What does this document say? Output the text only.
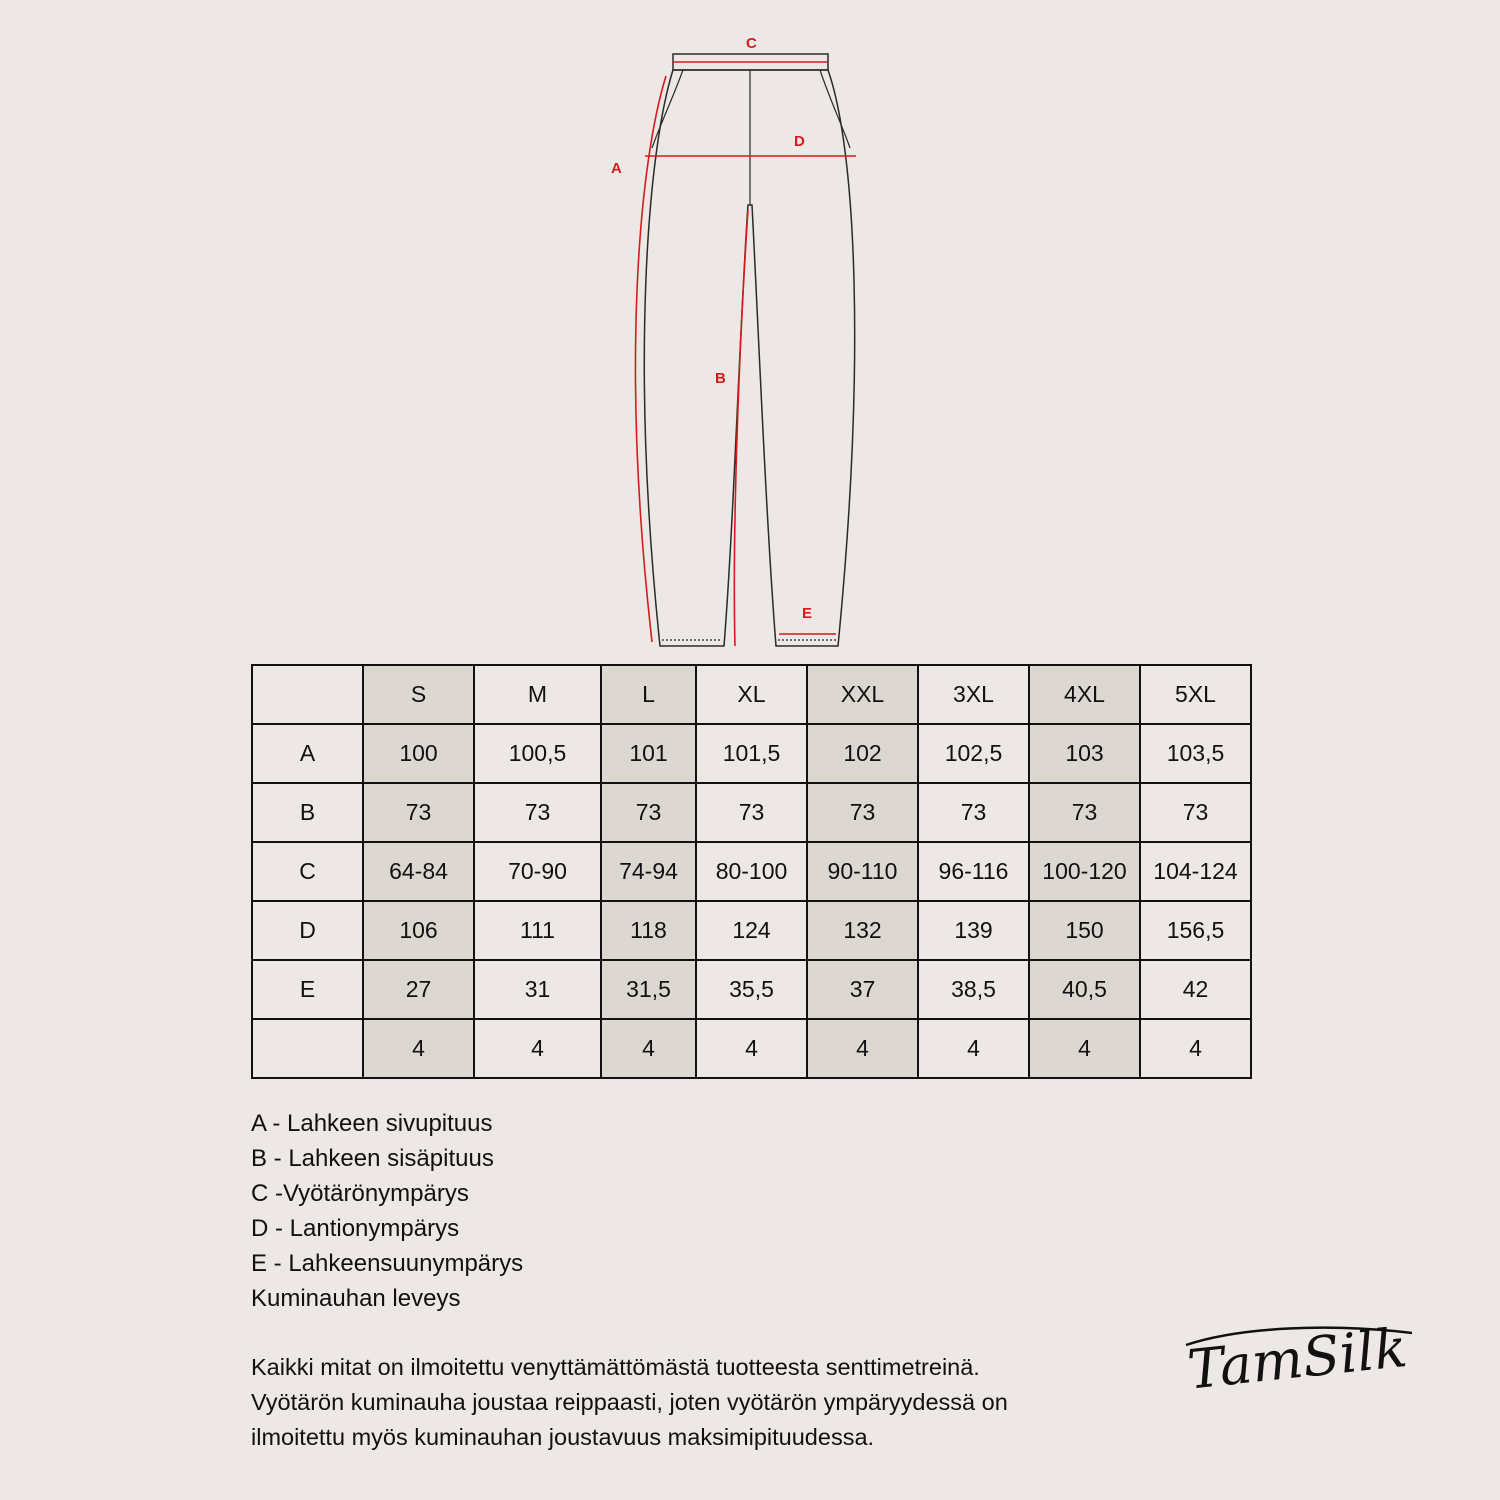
C
D
A
B
E
	S	M	L	XL	XXL	3XL	4XL	5XL
A	100	100,5	101	101,5	102	102,5	103	103,5
B	73	73	73	73	73	73	73	73
C	64-84	70-90	74-94	80-100	90-110	96-116	100-120	104-124
D	106	111	118	124	132	139	150	156,5
E	27	31	31,5	35,5	37	38,5	40,5	42
	4	4	4	4	4	4	4	4
A - Lahkeen sivupituus
B - Lahkeen sisäpituus
C -Vyötärönympärys
D - Lantionympärys
E - Lahkeensuunympärys
Kuminauhan leveys
Kaikki mitat on ilmoitettu venyttämättömästä tuotteesta senttimetreinä.
Vyötärön kuminauha joustaa reippaasti, joten vyötärön ympäryydessä on
ilmoitettu myös kuminauhan joustavuus maksimipituudessa.
TamSilk
